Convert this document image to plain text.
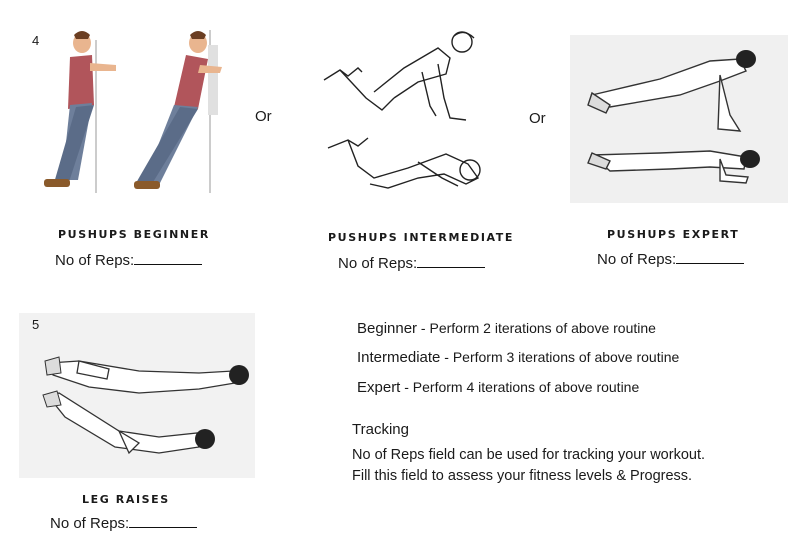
4
Or	Or
PUSHUPS BEGINNER
No of Reps:
PUSHUPS INTERMEDIATE
No of Reps:
PUSHUPS EXPERT
No of Reps:
5
LEG RAISES
No of Reps:
Beginner - Perform 2 iterations of above routine
Intermediate - Perform 3 iterations of above routine
Expert - Perform 4 iterations of above routine
Tracking
No of Reps field can be used for tracking your workout.
Fill this field to assess your fitness levels & Progress.
